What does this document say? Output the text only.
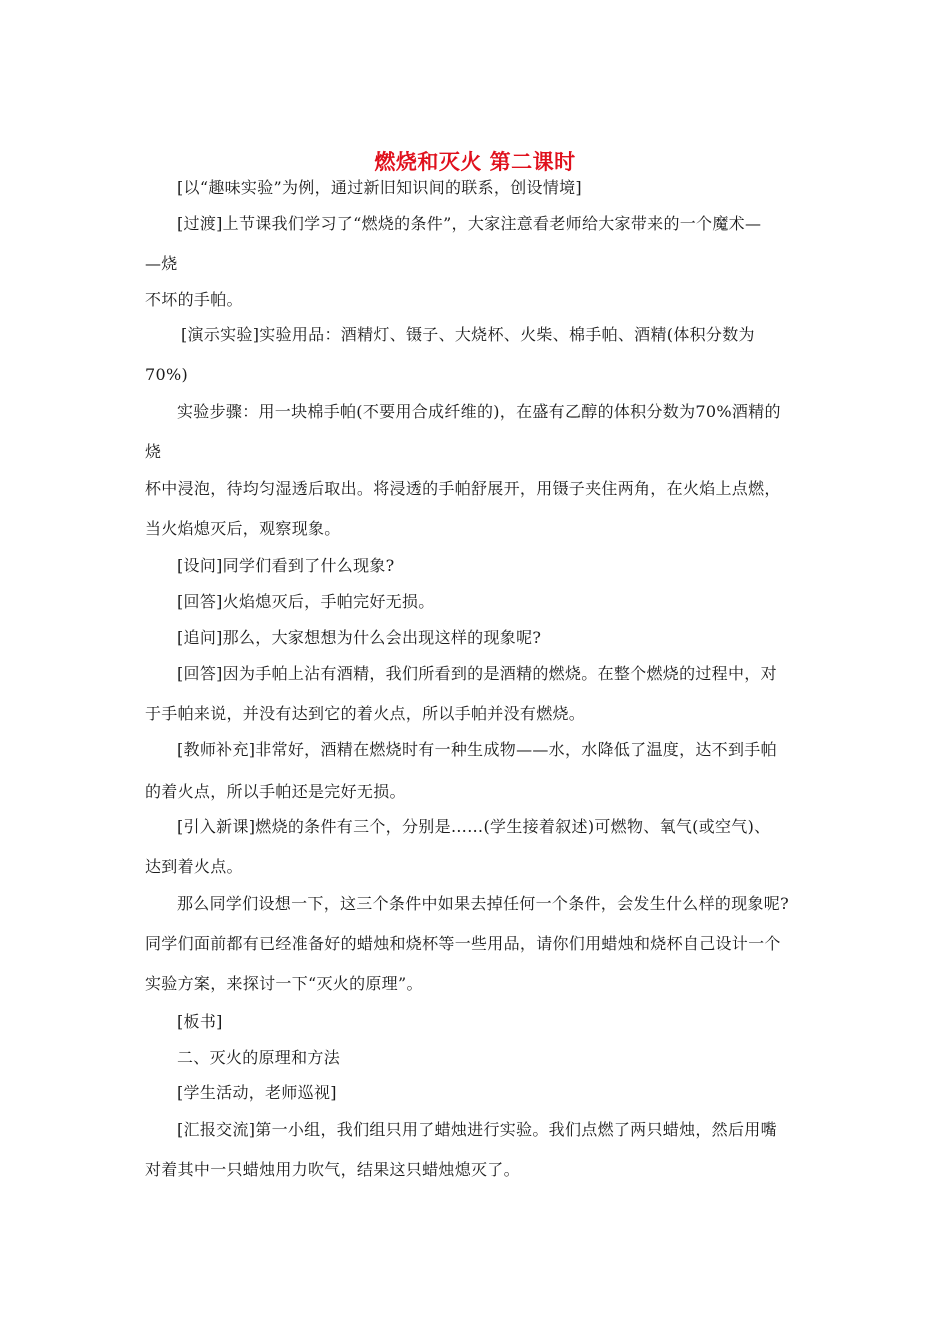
燃烧和灭火 第二课时
[以“趣味实验”为例，通过新旧知识间的联系，创设情境]
[过渡]上节课我们学习了“燃烧的条件”，大家注意看老师给大家带来的一个魔术—
—烧
不坏的手帕。
[演示实验]实验用品：酒精灯、镊子、大烧杯、火柴、棉手帕、酒精(体积分数为
70%)
实验步骤：用一块棉手帕(不要用合成纤维的)，在盛有乙醇的体积分数为70%酒精的
烧
杯中浸泡，待均匀湿透后取出。将浸透的手帕舒展开，用镊子夹住两角，在火焰上点燃，
当火焰熄灭后，观察现象。
[设问]同学们看到了什么现象?
[回答]火焰熄灭后，手帕完好无损。
[追问]那么，大家想想为什么会出现这样的现象呢?
[回答]因为手帕上沾有酒精，我们所看到的是酒精的燃烧。在整个燃烧的过程中，对
于手帕来说，并没有达到它的着火点，所以手帕并没有燃烧。
[教师补充]非常好，酒精在燃烧时有一种生成物——水，水降低了温度，达不到手帕
的着火点，所以手帕还是完好无损。
[引入新课]燃烧的条件有三个，分别是……(学生接着叙述)可燃物、氧气(或空气)、
达到着火点。
那么同学们设想一下，这三个条件中如果去掉任何一个条件，会发生什么样的现象呢?
同学们面前都有已经准备好的蜡烛和烧杯等一些用品，请你们用蜡烛和烧杯自己设计一个
实验方案，来探讨一下“灭火的原理”。
[板书]
二、灭火的原理和方法
[学生活动，老师巡视]
[汇报交流]第一小组，我们组只用了蜡烛进行实验。我们点燃了两只蜡烛，然后用嘴
对着其中一只蜡烛用力吹气，结果这只蜡烛熄灭了。
